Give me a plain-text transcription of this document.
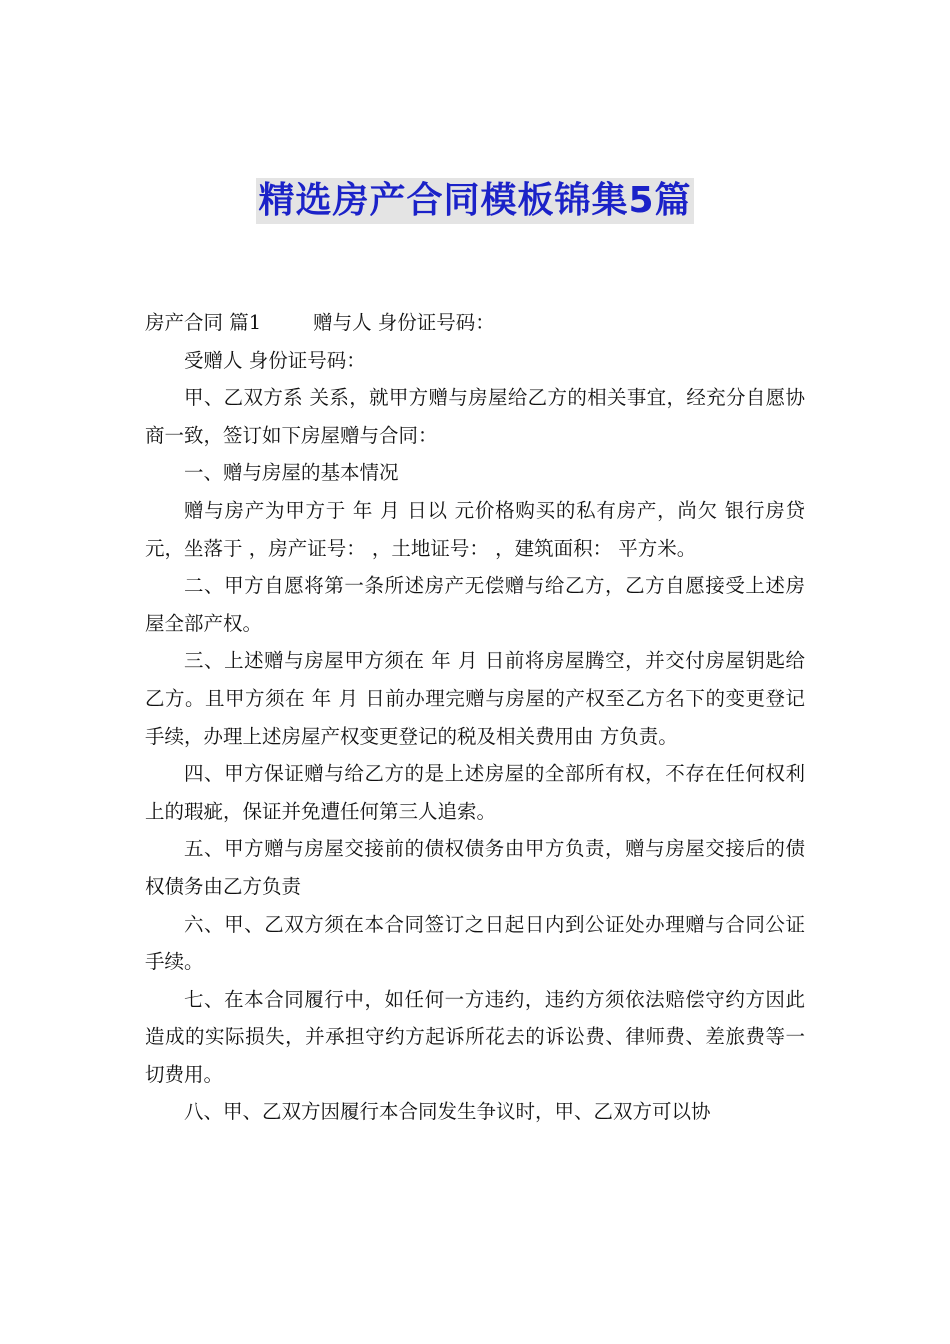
精选房产合同模板锦集5篇

房产合同 篇1	赠与人 身份证号码：

受赠人 身份证号码：

甲、乙双方系 关系，就甲方赠与房屋给乙方的相关事宜，经充分自愿协商一致，签订如下房屋赠与合同：

一、赠与房屋的基本情况

赠与房产为甲方于 年 月 日以 元价格购买的私有房产，尚欠 银行房贷 元，坐落于 ，房产证号： ，土地证号： ，建筑面积： 平方米。

二、甲方自愿将第一条所述房产无偿赠与给乙方，乙方自愿接受上述房屋全部产权。

三、上述赠与房屋甲方须在 年 月 日前将房屋腾空，并交付房屋钥匙给乙方。且甲方须在 年 月 日前办理完赠与房屋的产权至乙方名下的变更登记手续，办理上述房屋产权变更登记的税及相关费用由 方负责。

四、甲方保证赠与给乙方的是上述房屋的全部所有权，不存在任何权利上的瑕疵，保证并免遭任何第三人追索。

五、甲方赠与房屋交接前的债权债务由甲方负责，赠与房屋交接后的债权债务由乙方负责

六、甲、乙双方须在本合同签订之日起日内到公证处办理赠与合同公证手续。

七、在本合同履行中，如任何一方违约，违约方须依法赔偿守约方因此造成的实际损失，并承担守约方起诉所花去的诉讼费、律师费、差旅费等一切费用。

八、甲、乙双方因履行本合同发生争议时，甲、乙双方可以协
